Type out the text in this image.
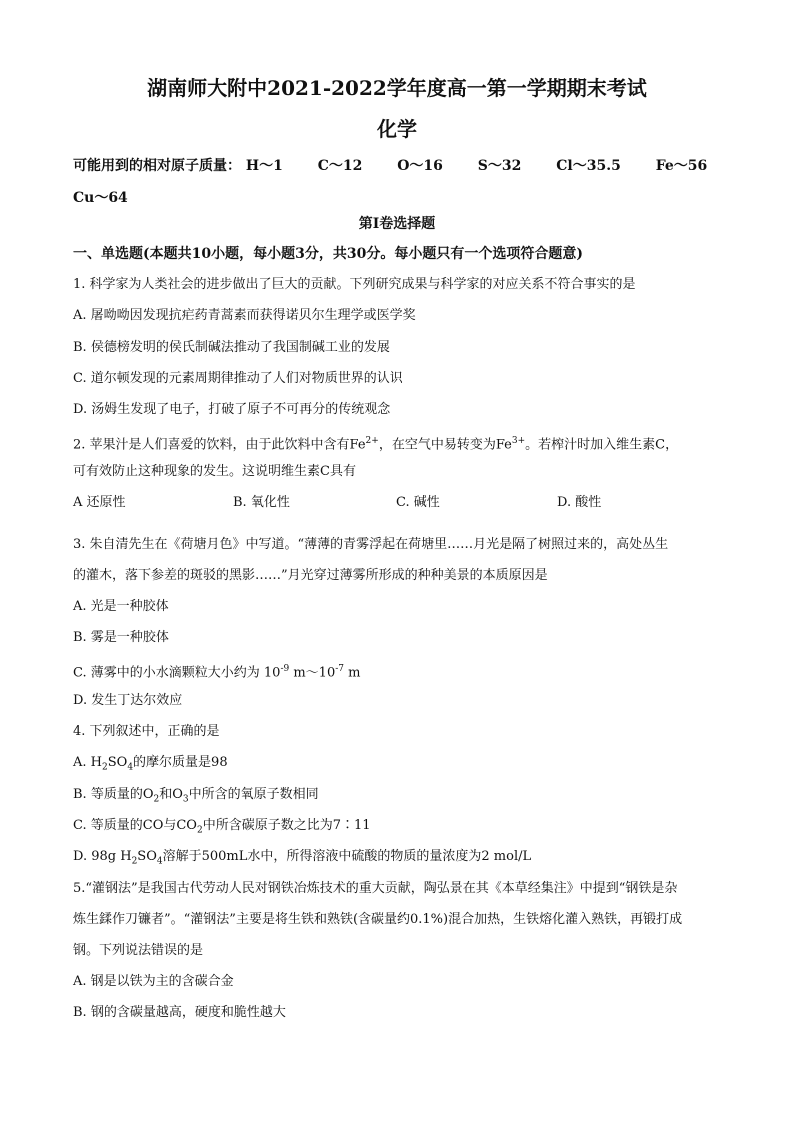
湖南师大附中2021-2022学年度高一第一学期期末考试
化学
可能用到的相对原子质量： H～1 C～12 O～16 S～32 Cl～35.5 Fe～56
Cu～64
第Ⅰ卷选择题
一、单选题(本题共10小题，每小题3分，共30分。每小题只有一个选项符合题意)
1. 科学家为人类社会的进步做出了巨大的贡献。下列研究成果与科学家的对应关系不符合事实的是
A. 屠呦呦因发现抗疟药青蒿素而获得诺贝尔生理学或医学奖
B. 侯德榜发明的侯氏制碱法推动了我国制碱工业的发展
C. 道尔顿发现的元素周期律推动了人们对物质世界的认识
D. 汤姆生发现了电子，打破了原子不可再分的传统观念
2. 苹果汁是人们喜爱的饮料，由于此饮料中含有$Fe^{2+}$，在空气中易转变为$Fe^{3+}$。若榨汁时加入维生素C，
可有效防止这种现象的发生。这说明维生素C具有
A 还原性	B. 氧化性	C. 碱性	D. 酸性
3. 朱自清先生在《荷塘月色》中写道。“薄薄的青雾浮起在荷塘里……月光是隔了树照过来的，高处丛生
的灌木，落下参差的斑驳的黑影……”月光穿过薄雾所形成的种种美景的本质原因是
A. 光是一种胶体
B. 雾是一种胶体
C. 薄雾中的小水滴颗粒大小约为 $10^{-9}$ $m\sim 10^{-7}$ m
D. 发生丁达尔效应
4. 下列叙述中，正确的是
A. $H_2SO_4$的摩尔质量是98
B. 等质量的$O_2$和$O_3$中所含的氧原子数相同
C. 等质量的CO与$CO_2$中所含碳原子数之比为7∶11
D. 98g $H_2SO_4$溶解于500mL水中，所得溶液中硫酸的物质的量浓度为2 mol/L
5.“灌钢法”是我国古代劳动人民对钢铁冶炼技术的重大贡献，陶弘景在其《本草经集注》中提到“钢铁是杂
炼生鍒作刀镰者”。“灌钢法”主要是将生铁和熟铁(含碳量约0.1%)混合加热，生铁熔化灌入熟铁，再锻打成
钢。下列说法错误的是
A. 钢是以铁为主的含碳合金
B. 钢的含碳量越高，硬度和脆性越大
